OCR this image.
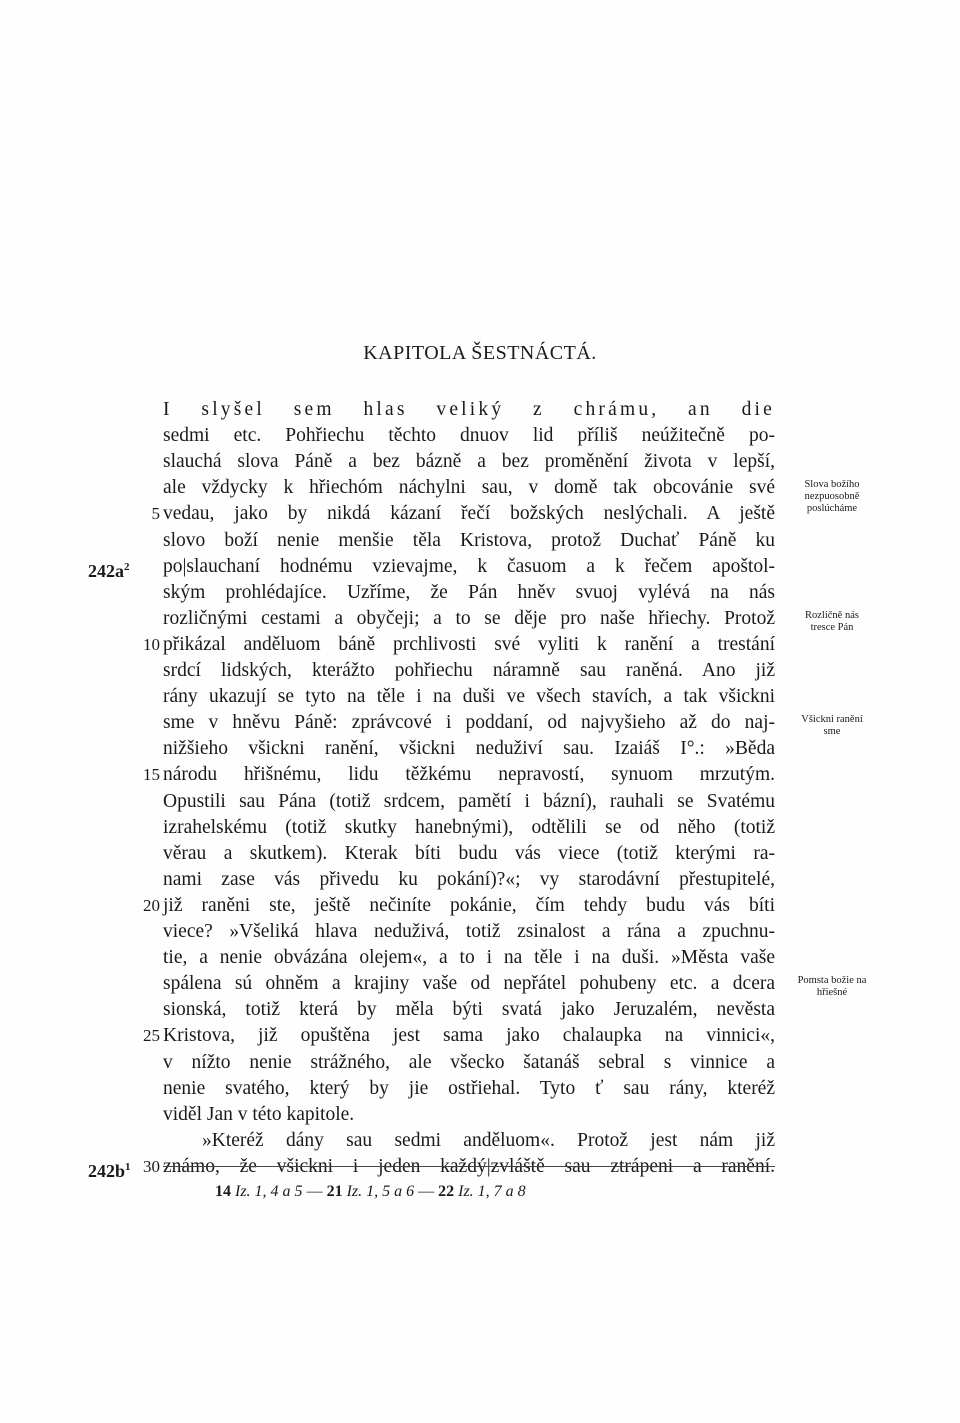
KAPITOLA ŠESTNÁCTÁ.
I slyšel sem hlas veliký z chrámu, an die
sedmi etc. Pohřiechu těchto dnuov lid příliš neúžitečně po-
slauchá slova Páně a bez bázně a bez proměnění života v lepší,
ale vždycky k hřiechóm náchylni sau, v domě tak obcovánie své
vedau, jako by nikdá kázaní řečí božských neslýchali. A ještě
5
slovo boží nenie menšie těla Kristova, protož Duchať Páně ku
po|slauchaní hodnému vzievajme, k časuom a k řečem apoštol-
ským prohlédajíce. Uzříme, že Pán hněv svuoj vylévá na nás
rozličnými cestami a obyčeji; a to se děje pro naše hřiechy. Protož
přikázal anděluom báně prchlivosti své vyliti k ranění a trestání
10
srdcí lidských, kterážto pohřiechu náramně sau raněná. Ano již
rány ukazují se tyto na těle i na duši ve všech stavích, a tak všickni
sme v hněvu Páně: zprávcové i poddaní, od najvyšieho až do naj-
nižšieho všickni ranění, všickni neduživí sau. Izaiáš I°.: »Běda
národu hřišnému, lidu těžkému nepravostí, synuom mrzutým.
15
Opustili sau Pána (totiž srdcem, pamětí i bázní), rauhali se Svatému
izrahelskému (totiž skutky hanebnými), odtělili se od něho (totiž
věrau a skutkem). Kterak bíti budu vás viece (totiž kterými ra-
nami zase vás přivedu ku pokání)?«; vy starodávní přestupitelé,
již raněni ste, ještě nečiníte pokánie, čím tehdy budu vás bíti
20
viece? »Všeliká hlava neduživá, totiž zsinalost a rána a zpuchnu-
tie, a nenie obvázána olejem«, a to i na těle i na duši. »Města vaše
spálena sú ohněm a krajiny vaše od nepřátel pohubeny etc. a dcera
sionská, totiž která by měla býti svatá jako Jeruzalém, nevěsta
Kristova, již opuštěna jest sama jako chalaupka na vinnici«,
25
v nížto nenie strážného, ale všecko šatanáš sebral s vinnice a
nenie svatého, který by jie ostřiehal. Tyto ť sau rány, kteréž
viděl Jan v této kapitole.
»Kteréž dány sau sedmi anděluom«. Protož jest nám již
známo, že všickni i jeden každý|zvláště sau ztrápeni a ranění.
30
$242a^2$
$242b^1$
Slova božího
nezpuosobně
poslúcháme
Rozličně nás
tresce Pán
Všickni ranění
sme
Pomsta božie na
hřiešné
14 Iz. 1, 4 a 5 — 21 Iz. 1, 5 a 6 — 22 Iz. 1, 7 a 8
